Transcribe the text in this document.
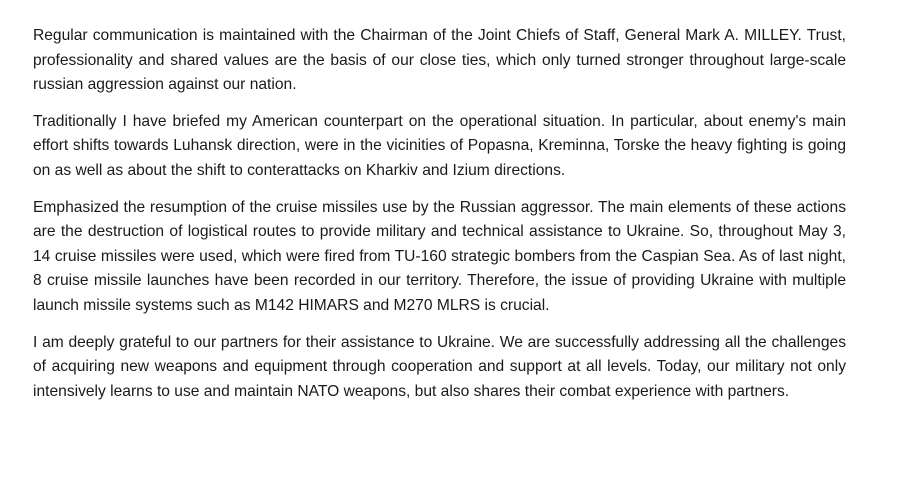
Regular communication is maintained with the Chairman of the Joint Chiefs of Staff, General Mark A. MILLEY. Trust, professionality and shared values are the basis of our close ties, which only turned stronger throughout large-scale russian aggression against our nation.

Traditionally I have briefed my American counterpart on the operational situation. In particular, about enemy's main effort shifts towards Luhansk direction, were in the vicinities of Popasna, Kreminna, Torske the heavy fighting is going on as well as about the shift to conterattacks on Kharkiv and Izium directions.

Emphasized the resumption of the cruise missiles use by the Russian aggressor. The main elements of these actions are the destruction of logistical routes to provide military and technical assistance to Ukraine. So, throughout May 3, 14 cruise missiles were used, which were fired from TU-160 strategic bombers from the Caspian Sea. As of last night, 8 cruise missile launches have been recorded in our territory. Therefore, the issue of providing Ukraine with multiple launch missile systems such as M142 HIMARS and M270 MLRS is crucial.

I am deeply grateful to our partners for their assistance to Ukraine. We are successfully addressing all the challenges of acquiring new weapons and equipment through cooperation and support at all levels. Today, our military not only intensively learns to use and maintain NATO weapons, but also shares their combat experience with partners.
